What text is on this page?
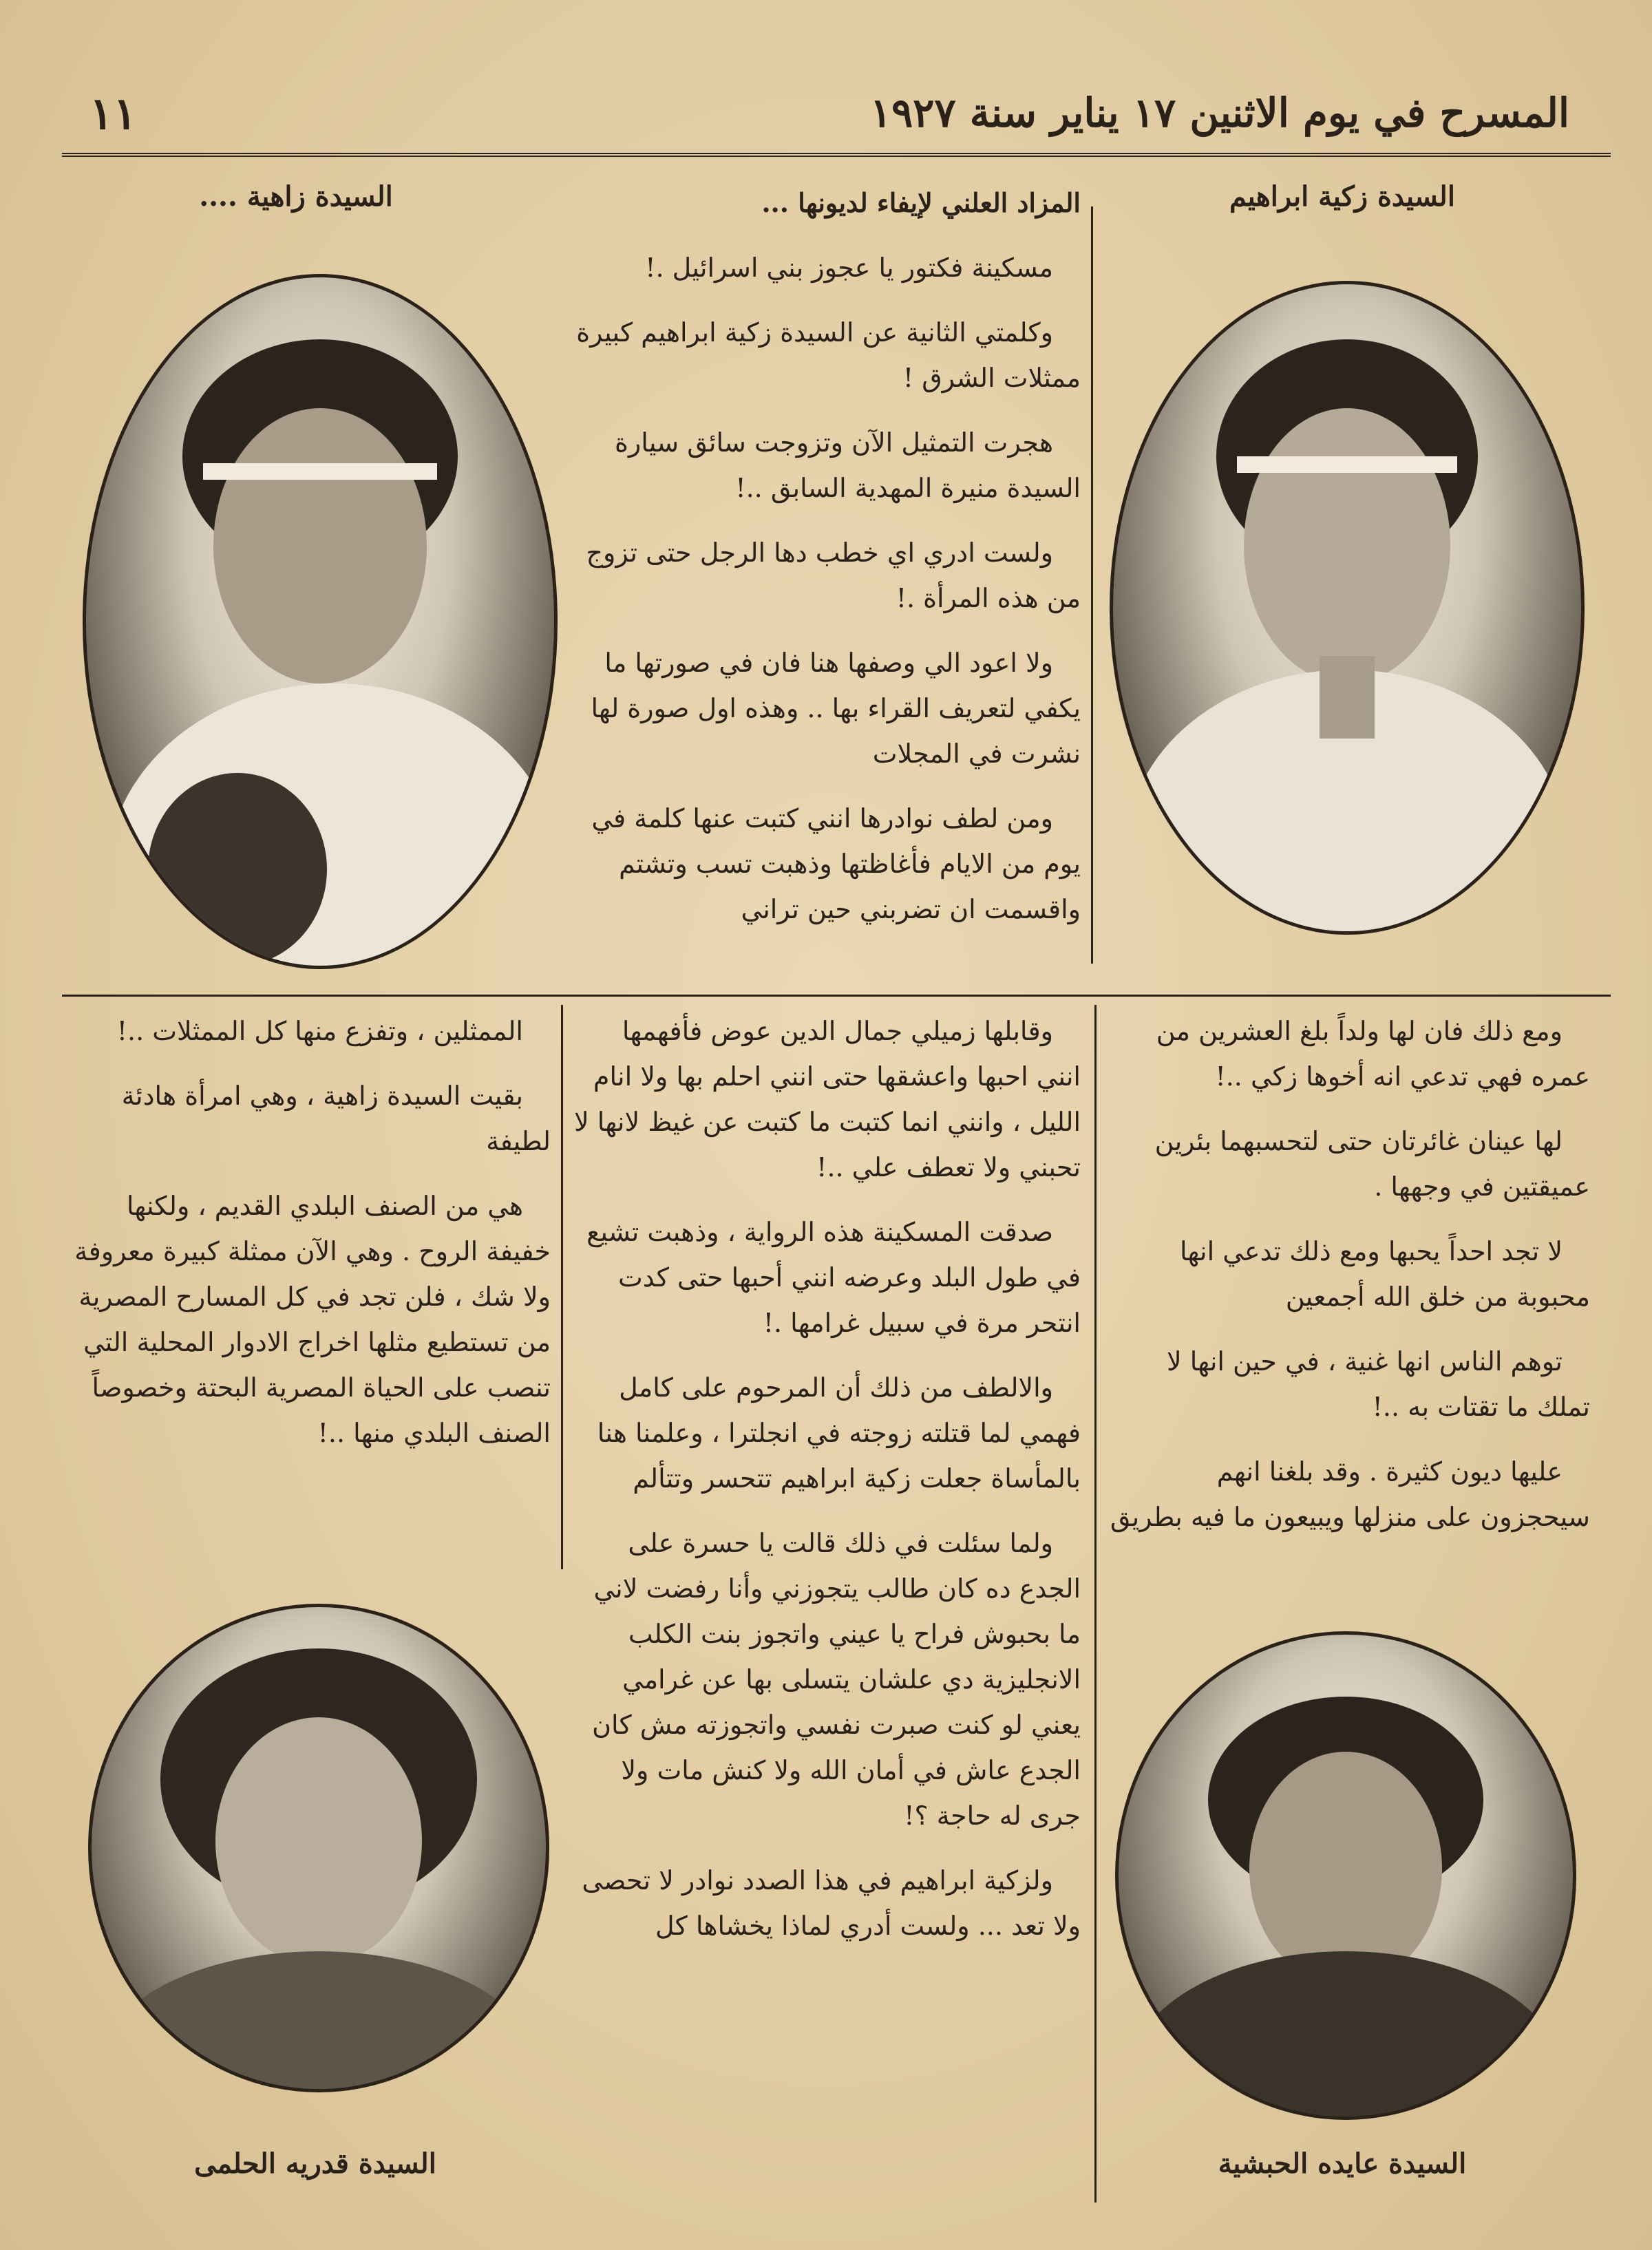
المسرح في يوم الاثنين ١٧ يناير سنة ١٩٢٧
١١
السيدة زكية ابراهيم
السيدة زاهية ....	المزاد العلني لإيفاء لديونها ...

مسكينة فكتور يا عجوز بني اسرائيل .!

وكلمتي الثانية عن السيدة زكية ابراهيم كبيرة ممثلات الشرق !

هجرت التمثيل الآن وتزوجت سائق سيارة السيدة منيرة المهدية السابق ..!

ولست ادري اي خطب دها الرجل حتى تزوج من هذه المرأة .!

ولا اعود الي وصفها هنا فان في صورتها ما يكفي لتعريف القراء بها .. وهذه اول صورة لها نشرت في المجلات

ومن لطف نوادرها انني كتبت عنها كلمة في يوم من الايام فأغاظتها وذهبت تسب وتشتم واقسمت ان تضربني حين تراني

ومع ذلك فان لها ولداً بلغ العشرين من عمره فهي تدعي انه أخوها زكي ..!

لها عينان غائرتان حتى لتحسبهما بئرين عميقتين في وجهها .

لا تجد احداً يحبها ومع ذلك تدعي انها محبوبة من خلق الله أجمعين

توهم الناس انها غنية ، في حين انها لا تملك ما تقتات به ..!

عليها ديون كثيرة . وقد بلغنا انهم سيحجزون على منزلها ويبيعون ما فيه بطريق

وقابلها زميلي جمال الدين عوض فأفهمها انني احبها واعشقها حتى انني احلم بها ولا انام الليل ، وانني انما كتبت ما كتبت عن غيظ لانها لا تحبني ولا تعطف علي ..!

صدقت المسكينة هذه الرواية ، وذهبت تشيع في طول البلد وعرضه انني أحبها حتى كدت انتحر مرة في سبيل غرامها .!

والالطف من ذلك أن المرحوم على كامل فهمي لما قتلته زوجته في انجلترا ، وعلمنا هنا بالمأساة جعلت زكية ابراهيم تتحسر وتتألم

ولما سئلت في ذلك قالت يا حسرة على الجدع ده كان طالب يتجوزني وأنا رفضت لاني ما بحبوش فراح يا عيني واتجوز بنت الكلب الانجليزية دي علشان يتسلى بها عن غرامي يعني لو كنت صبرت نفسي واتجوزته مش كان الجدع عاش في أمان الله ولا كنش مات ولا جرى له حاجة ؟!

ولزكية ابراهيم في هذا الصدد نوادر لا تحصى ولا تعد ... ولست أدري لماذا يخشاها كل

الممثلين ، وتفزع منها كل الممثلات ..!

بقيت السيدة زاهية ، وهي امرأة هادئة لطيفة

هي من الصنف البلدي القديم ، ولكنها خفيفة الروح . وهي الآن ممثلة كبيرة معروفة ولا شك ، فلن تجد في كل المسارح المصرية من تستطيع مثلها اخراج الادوار المحلية التي تنصب على الحياة المصرية البحتة وخصوصاً الصنف البلدي منها ..!

السيدة عايده الحبشية
السيدة قدريه الحلمى
